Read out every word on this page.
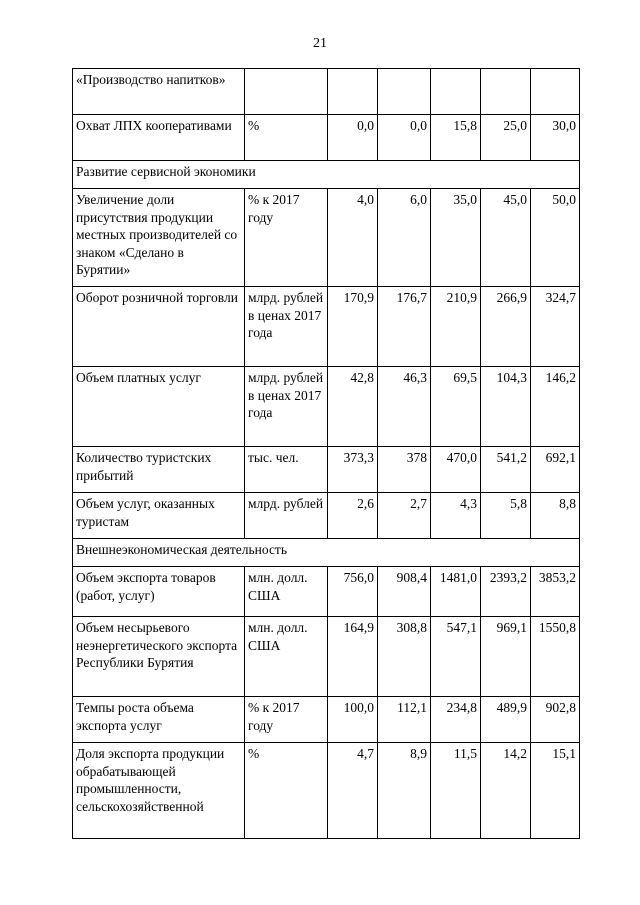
21
«Производство напитков»						
Охват ЛПХ кооперативами	%	0,0	0,0	15,8	25,0	30,0
Развитие сервисной экономики						
Увеличение доли присутствия продукции местных производителей со знаком «Сделано в Бурятии»	% к 2017 году	4,0	6,0	35,0	45,0	50,0
Оборот розничной торговли	млрд. рублей в ценах 2017 года	170,9	176,7	210,9	266,9	324,7
Объем платных услуг	млрд. рублей в ценах 2017 года	42,8	46,3	69,5	104,3	146,2
Количество туристских прибытий	тыс. чел.	373,3	378	470,0	541,2	692,1
Объем услуг, оказанных туристам	млрд. рублей	2,6	2,7	4,3	5,8	8,8
Внешнеэкономическая деятельность						
Объем экспорта товаров (работ, услуг)	млн. долл. США	756,0	908,4	1481,0	2393,2	3853,2
Объем несырьевого неэнергетического экспорта Республики Бурятия	млн. долл. США	164,9	308,8	547,1	969,1	1550,8
Темпы роста объема экспорта услуг	% к 2017 году	100,0	112,1	234,8	489,9	902,8
Доля экспорта продукции обрабатывающей промышленности, сельскохозяйственной	%	4,7	8,9	11,5	14,2	15,1
